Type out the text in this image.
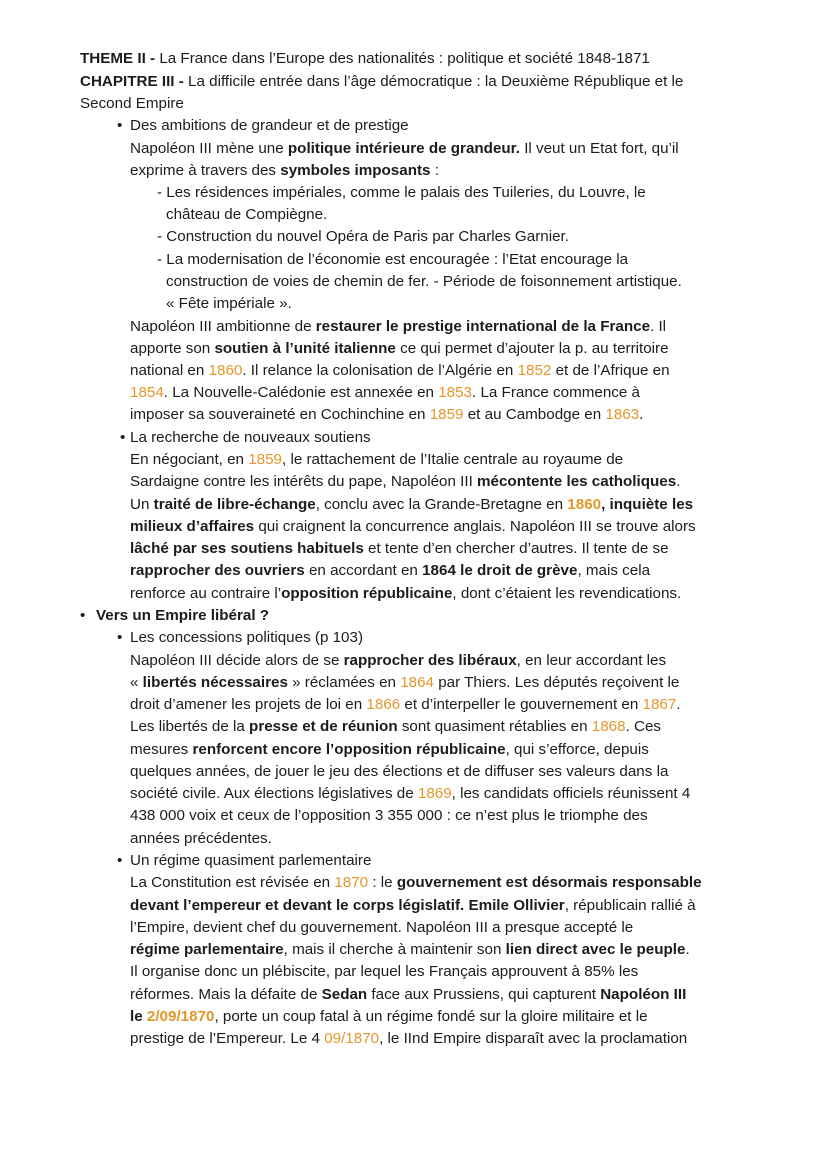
THEME II - La France dans l’Europe des nationalités : politique et société 1848-1871
CHAPITRE III - La difficile entrée dans l’âge démocratique : la Deuxième République et le
Second Empire
• Des ambitions de grandeur et de prestige
Napoléon III mène une politique intérieure de grandeur. Il veut un Etat fort, qu’il
exprime à travers des symboles imposants :
- Les résidences impériales, comme le palais des Tuileries, du Louvre, le
château de Compiègne.
- Construction du nouvel Opéra de Paris par Charles Garnier.
- La modernisation de l’économie est encouragée : l’Etat encourage la
construction de voies de chemin de fer. - Période de foisonnement artistique.
« Fête impériale ».
Napoléon III ambitionne de restaurer le prestige international de la France. Il
apporte son soutien à l’unité italienne ce qui permet d’ajouter la p. au territoire
national en 1860. Il relance la colonisation de l’Algérie en 1852 et de l’Afrique en
1854. La Nouvelle-Calédonie est annexée en 1853. La France commence à
imposer sa souveraineté en Cochinchine en 1859 et au Cambodge en 1863.
• La recherche de nouveaux soutiens
En négociant, en 1859, le rattachement de l’Italie centrale au royaume de
Sardaigne contre les intérêts du pape, Napoléon III mécontente les catholiques.
Un traité de libre-échange, conclu avec la Grande-Bretagne en 1860, inquiète les
milieux d’affaires qui craignent la concurrence anglais. Napoléon III se trouve alors
lâché par ses soutiens habituels et tente d’en chercher d’autres. Il tente de se
rapprocher des ouvriers en accordant en 1864 le droit de grève, mais cela
renforce au contraire l’opposition républicaine, dont c’étaient les revendications.
• Vers un Empire libéral ?
• Les concessions politiques (p 103)
Napoléon III décide alors de se rapprocher des libéraux, en leur accordant les
« libertés nécessaires » réclamées en 1864 par Thiers. Les députés reçoivent le
droit d’amener les projets de loi en 1866 et d’interpeller le gouvernement en 1867.
Les libertés de la presse et de réunion sont quasiment rétablies en 1868. Ces
mesures renforcent encore l’opposition républicaine, qui s’efforce, depuis
quelques années, de jouer le jeu des élections et de diffuser ses valeurs dans la
société civile. Aux élections législatives de 1869, les candidats officiels réunissent 4
438 000 voix et ceux de l’opposition 3 355 000 : ce n’est plus le triomphe des
années précédentes.
• Un régime quasiment parlementaire
La Constitution est révisée en 1870 : le gouvernement est désormais responsable
devant l’empereur et devant le corps législatif. Emile Ollivier, républicain rallié à
l’Empire, devient chef du gouvernement. Napoléon III a presque accepté le
régime parlementaire, mais il cherche à maintenir son lien direct avec le peuple.
Il organise donc un plébiscite, par lequel les Français approuvent à 85% les
réformes. Mais la défaite de Sedan face aux Prussiens, qui capturent Napoléon III
le 2/09/1870, porte un coup fatal à un régime fondé sur la gloire militaire et le
prestige de l’Empereur. Le 4 09/1870, le IInd Empire disparaît avec la proclamation
